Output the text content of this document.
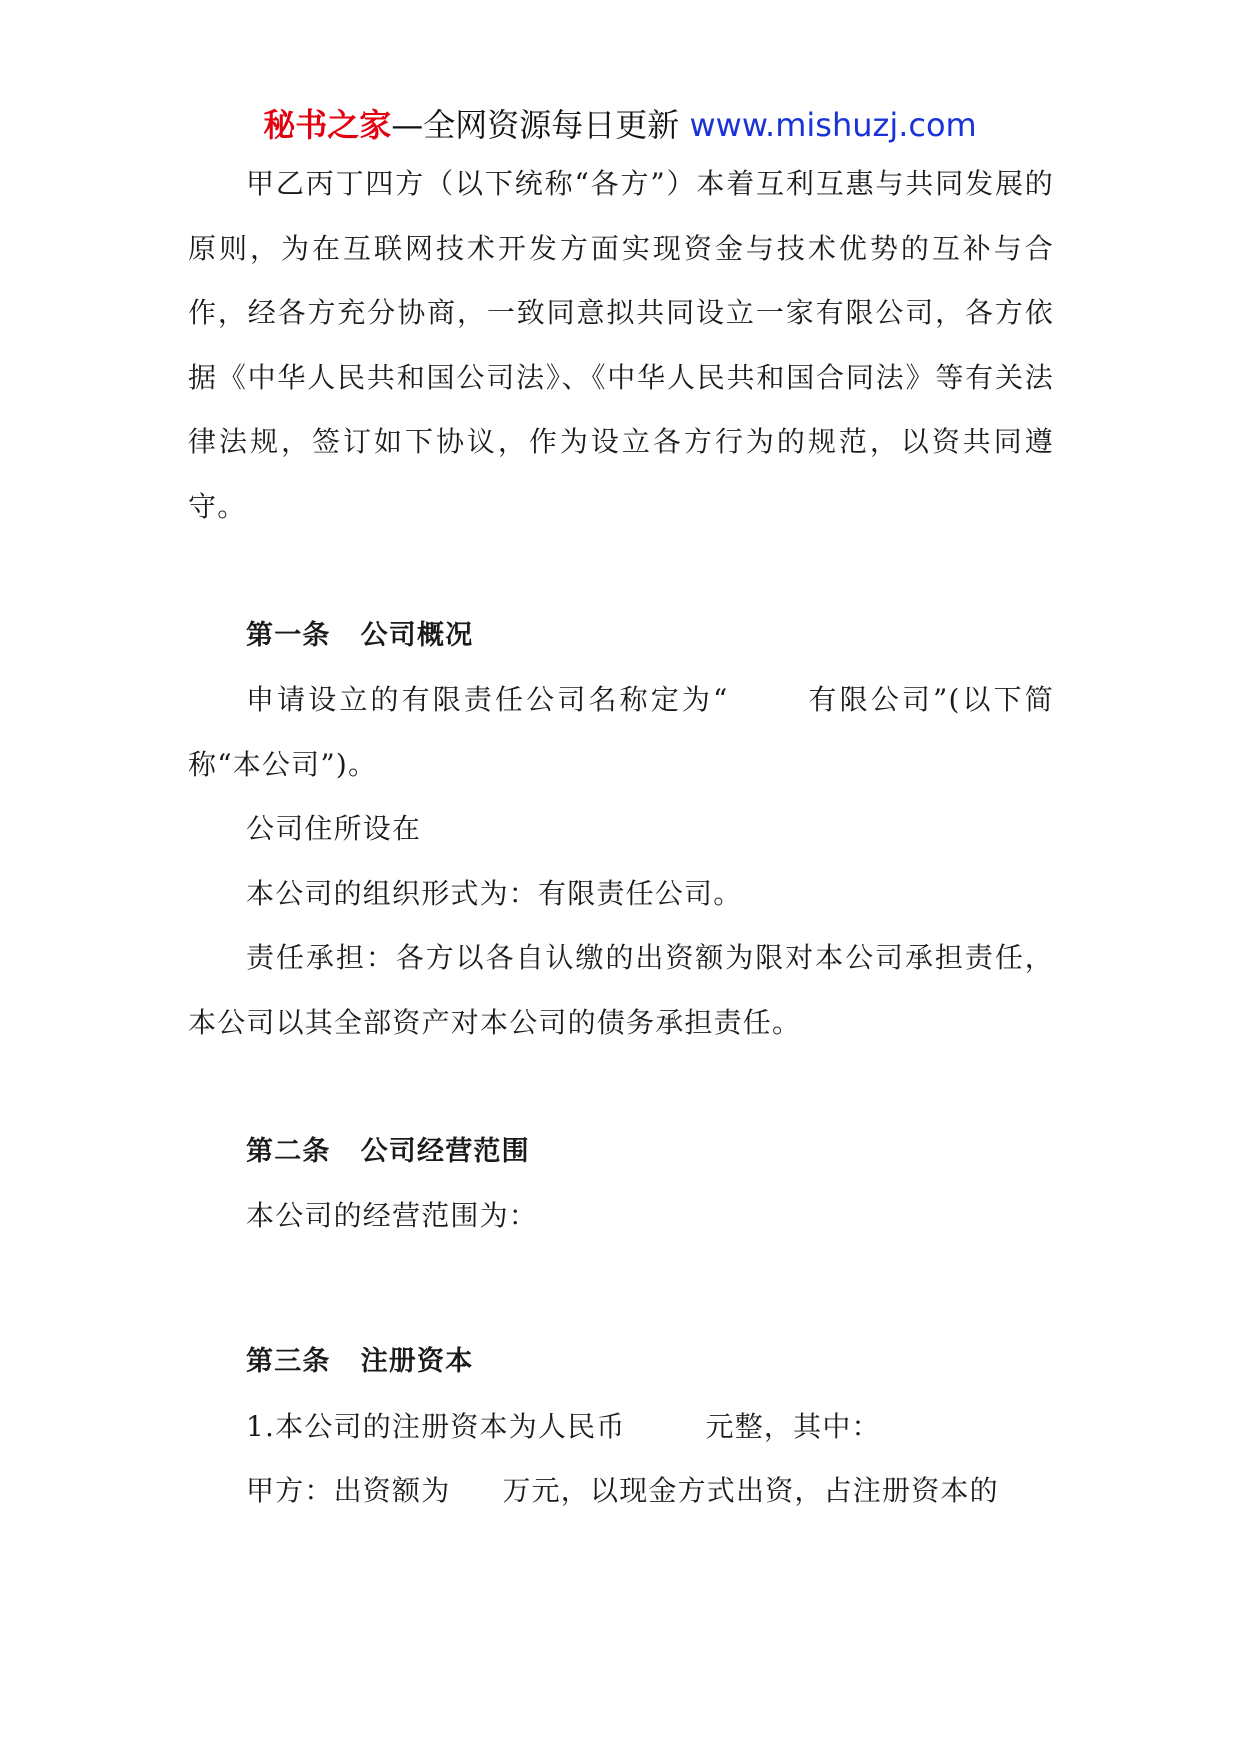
秘书之家—全网资源每日更新 www.mishuzj.com

甲乙丙丁四方（以下统称“各方”）本着互利互惠与共同发展的原则，为在互联网技术开发方面实现资金与技术优势的互补与合作，经各方充分协商，一致同意拟共同设立一家有限公司，各方依据《中华人民共和国公司法》、《中华人民共和国合同法》等有关法律法规，签订如下协议，作为设立各方行为的规范，以资共同遵守。

第一条 公司概况

申请设立的有限责任公司名称定为“	有限公司”(以下简称“本公司”)。

公司住所设在

本公司的组织形式为：有限责任公司。

责任承担：各方以各自认缴的出资额为限对本公司承担责任，本公司以其全部资产对本公司的债务承担责任。

第二条 公司经营范围

本公司的经营范围为：

第三条 注册资本

1.本公司的注册资本为人民币	元整，其中：

甲方：出资额为 万元，以现金方式出资，占注册资本的
